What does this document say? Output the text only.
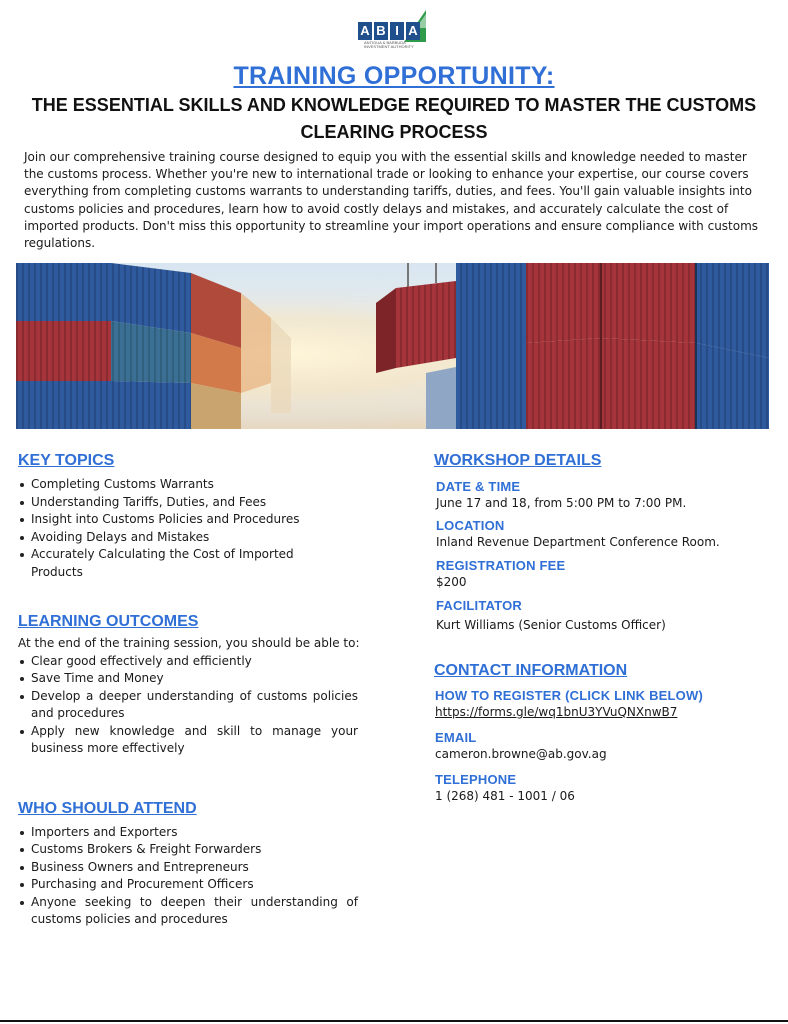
A B I A
ANTIGUA & BARBUDA INVESTMENT AUTHORITY
TRAINING OPPORTUNITY:
THE ESSENTIAL SKILLS AND KNOWLEDGE REQUIRED TO MASTER THE CUSTOMS CLEARING PROCESS

Join our comprehensive training course designed to equip you with the essential skills and knowledge needed to master the customs process. Whether you're new to international trade or looking to enhance your expertise, our course covers everything from completing customs warrants to understanding tariffs, duties, and fees. You'll gain valuable insights into customs policies and procedures, learn how to avoid costly delays and mistakes, and accurately calculate the cost of imported products. Don't miss this opportunity to streamline your import operations and ensure compliance with customs regulations.

KEY TOPICS
Completing Customs Warrants
Understanding Tariffs, Duties, and Fees
Insight into Customs Policies and Procedures
Avoiding Delays and Mistakes
Accurately Calculating the Cost of Imported Products
LEARNING OUTCOMES

At the end of the training session, you should be able to:

Clear good effectively and efficiently
Save Time and Money
Develop a deeper understanding of customs policies and procedures
Apply new knowledge and skill to manage your business more effectively
WHO SHOULD ATTEND
Importers and Exporters
Customs Brokers & Freight Forwarders
Business Owners and Entrepreneurs
Purchasing and Procurement Officers
Anyone seeking to deepen their understanding of customs policies and procedures
WORKSHOP DETAILS

DATE & TIME

June 17 and 18, from 5:00 PM to 7:00 PM.

LOCATION

Inland Revenue Department Conference Room.

REGISTRATION FEE

$200

FACILITATOR

Kurt Williams (Senior Customs Officer)

CONTACT INFORMATION

HOW TO REGISTER (CLICK LINK BELOW)

https://forms.gle/wq1bnU3YVuQNXnwB7

EMAIL

cameron.browne@ab.gov.ag

TELEPHONE

1 (268) 481 - 1001 / 06
